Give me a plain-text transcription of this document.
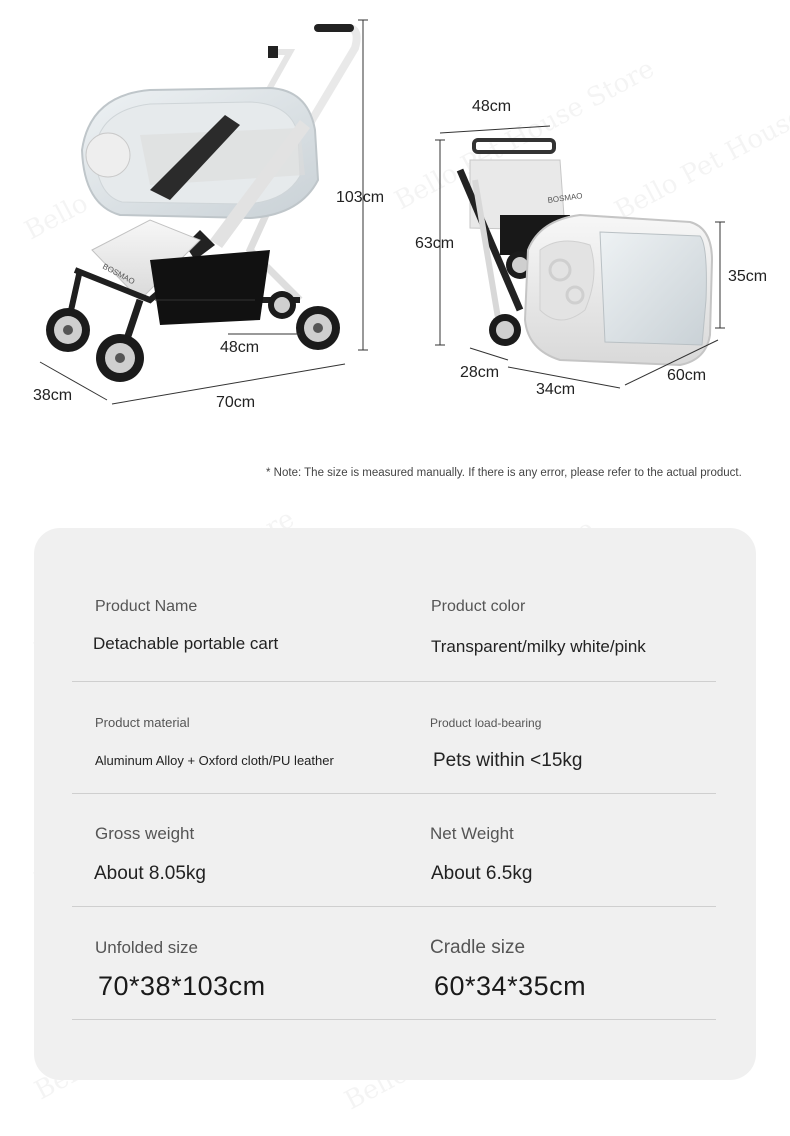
BOSMAO
BOSMAO
103cm
48cm
38cm	70cm
48cm
63cm
35cm
28cm
34cm
60cm
* Note: The size is measured manually. If there is any error, please refer to the actual product.
Product Name
Detachable portable cart
Product color
Transparent/milky white/pink
Product material
Aluminum Alloy + Oxford cloth/PU leather
Product load-bearing
Pets within <15kg
Gross weight
About 8.05kg
Net Weight
About 6.5kg
Unfolded size
70*38*103cm
Cradle size
60*34*35cm
